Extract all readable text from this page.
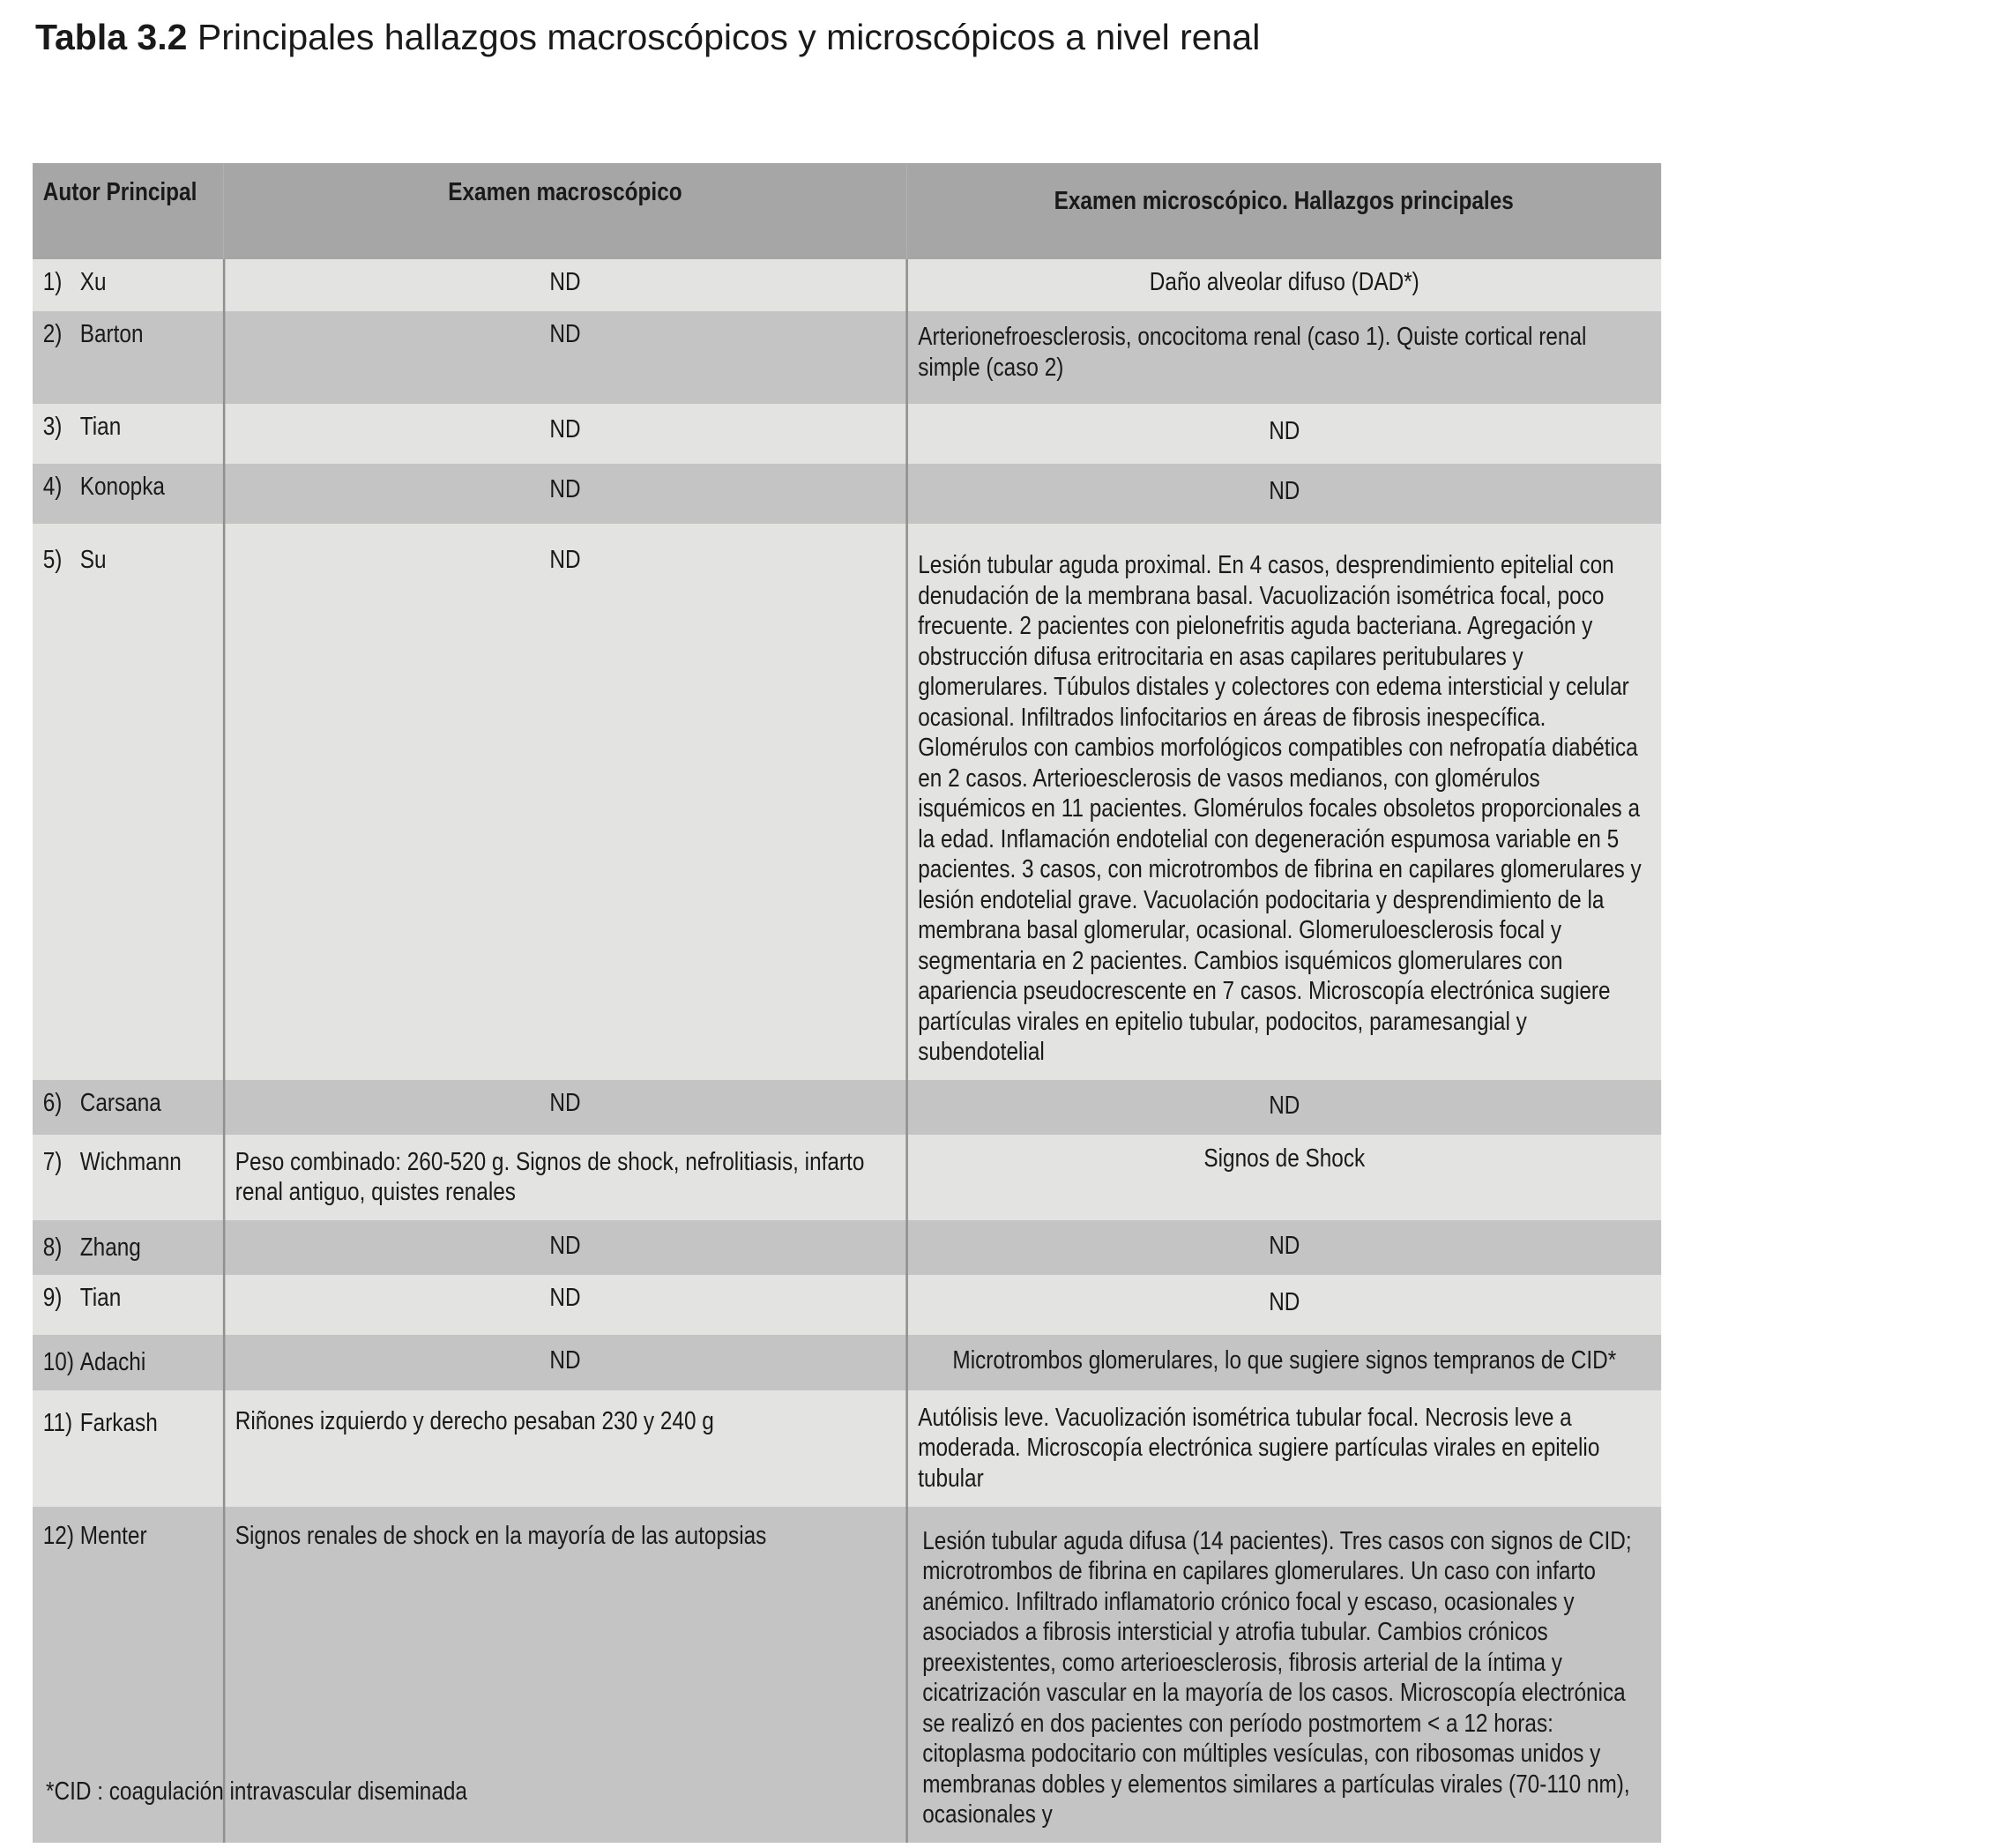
Tabla 3.2 Principales hallazgos macroscópicos y microscópicos a nivel renal
Autor Principal	Examen macroscópico	Examen microscópico. Hallazgos principales
1) Xu	ND	Daño alveolar difuso (DAD*)
2) Barton	ND	Arterionefroesclerosis, oncocitoma renal (caso 1). Quiste cortical renal simple (caso 2)
3) Tian	ND	ND
4) Konopka	ND	ND
5) Su	ND	Lesión tubular aguda proximal. En 4 casos, desprendimiento epitelial con denudación de la membrana basal. Vacuolización isométrica focal, poco frecuente. 2 pacientes con pielonefritis aguda bacteriana. Agregación y obstrucción difusa eritrocitaria en asas capilares peritubulares y glomerulares. Túbulos distales y colectores con edema intersticial y celular ocasional. Infiltrados linfocitarios en áreas de fibrosis inespecífica. Glomérulos con cambios morfológicos compatibles con nefropatía diabética en 2 casos. Arterioesclerosis de vasos medianos, con glomérulos isquémicos en 11 pacientes. Glomérulos focales obsoletos proporcionales a la edad. Inflamación endotelial con degeneración espumosa variable en 5 pacientes. 3 casos, con microtrombos de fibrina en capilares glomerulares y lesión endotelial grave. Vacuolación podocitaria y desprendimiento de la membrana basal glomerular, ocasional. Glomeruloesclerosis focal y segmentaria en 2 pacientes. Cambios isquémicos glomerulares con apariencia pseudocrescente en 7 casos. Microscopía electrónica sugiere partículas virales en epitelio tubular, podocitos, paramesangial y subendotelial
6) Carsana	ND	ND
7) Wichmann	Peso combinado: 260-520 g. Signos de shock, nefrolitiasis, infarto renal antiguo, quistes renales	Signos de Shock
8) Zhang	ND	ND
9) Tian	ND	ND
10) Adachi	ND	Microtrombos glomerulares, lo que sugiere signos tempranos de CID*
11) Farkash	Riñones izquierdo y derecho pesaban 230 y 240 g	Autólisis leve. Vacuolización isométrica tubular focal. Necrosis leve a moderada. Microscopía electrónica sugiere partículas virales en epitelio tubular
12) Menter	Signos renales de shock en la mayoría de las autopsias	Lesión tubular aguda difusa (14 pacientes). Tres casos con signos de CID; microtrombos de fibrina en capilares glomerulares. Un caso con infarto anémico. Infiltrado inflamatorio crónico focal y escaso, ocasionales y asociados a fibrosis intersticial y atrofia tubular. Cambios crónicos preexistentes, como arterioesclerosis, fibrosis arterial de la íntima y cicatrización vascular en la mayoría de los casos. Microscopía electrónica se realizó en dos pacientes con período postmortem < a 12 horas: citoplasma podocitario con múltiples vesículas, con ribosomas unidos y membranas dobles y elementos similares a partículas virales (70-110 nm), ocasionales y
*CID : coagulación intravascular diseminada
